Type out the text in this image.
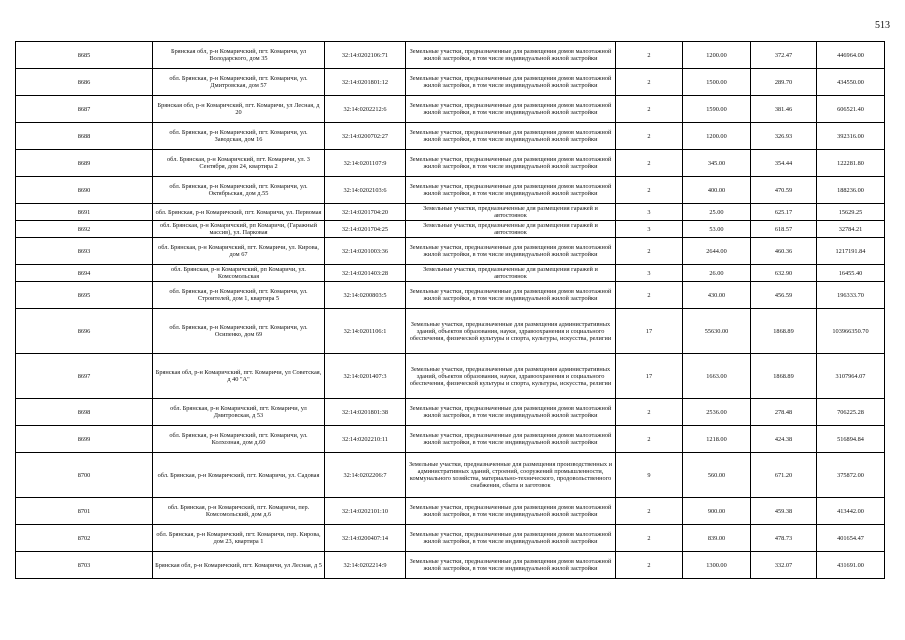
513
8685	Брянская обл, р-н Комаричский, пгт. Комаричи, ул Володарского, дом 35	32:14:0202106:71	Земельные участки, предназначенные для размещения домов малоэтажной жилой застройки, в том числе индивидуальной жилой застройки	2	1200.00	372.47	446964.00
8686	обл. Брянская, р-н Комаричский, пгт. Комаричи, ул. Дмитровская, дом 57	32:14:0201801:12	Земельные участки, предназначенные для размещения домов малоэтажной жилой застройки, в том числе индивидуальной жилой застройки	2	1500.00	289.70	434550.00
8687	Брянская обл, р-н Комаричский, пгт. Комаричи, ул Лесная, д 20	32:14:0202212:6	Земельные участки, предназначенные для размещения домов малоэтажной жилой застройки, в том числе индивидуальной жилой застройки	2	1590.00	381.46	606521.40
8688	обл. Брянская, р-н Комаричский, пгт. Комаричи, ул. Заводская, дом 16	32:14:0200702:27	Земельные участки, предназначенные для размещения домов малоэтажной жилой застройки, в том числе индивидуальной жилой застройки	2	1200.00	326.93	392316.00
8689	обл. Брянская, р-н Комаричский, пгт. Комаричи, ул. 3 Сентября, дом 24, квартира 2	32:14:0201107:9	Земельные участки, предназначенные для размещения домов малоэтажной жилой застройки, в том числе индивидуальной жилой застройки	2	345.00	354.44	122281.80
8690	обл. Брянская, р-н Комаричский, пгт. Комаричи, ул. Октябрьская, дом д.55	32:14:0202103:6	Земельные участки, предназначенные для размещения домов малоэтажной жилой застройки, в том числе индивидуальной жилой застройки	2	400.00	470.59	188236.00
8691	обл. Брянская, р-н Комаричский, пгт. Комаричи, ул. Первомая	32:14:0201704:20	Земельные участки, предназначенные для размещения гаражей и автостоянок	3	25.00	625.17	15629.25
8692	обл. Брянская, р-н Комаричский, рп Комаричи, (Гаражный массив), ул. Парковая	32:14:0201704:25	Земельные участки, предназначенные для размещения гаражей и автостоянок	3	53.00	618.57	32784.21
8693	обл. Брянская, р-н Комаричский, пгт. Комаричи, ул. Кирова, дом 67	32:14:0201003:36	Земельные участки, предназначенные для размещения домов малоэтажной жилой застройки, в том числе индивидуальной жилой застройки	2	2644.00	460.36	1217191.84
8694	обл. Брянская, р-н Комаричский, рп Комаричи, ул. Комсомольская	32:14:0201403:28	Земельные участки, предназначенные для размещения гаражей и автостоянок	3	26.00	632.90	16455.40
8695	обл. Брянская, р-н Комаричский, пгт. Комаричи, ул. Строителей, дом 1, квартира 5	32:14:0200803:5	Земельные участки, предназначенные для размещения домов малоэтажной жилой застройки, в том числе индивидуальной жилой застройки	2	430.00	456.59	196333.70
8696	обл. Брянская, р-н Комаричский, пгт. Комаричи, ул. Осипенко, дом 69	32:14:0201106:1	Земельные участки, предназначенные для размещения административных зданий, объектов образования, науки, здравоохранения и социального обеспечения, физической культуры и спорта, культуры, искусства, религии	17	55630.00	1868.89	103966350.70
8697	Брянская обл, р-н Комаричский, пгт. Комаричи, ул Советская, д 40 "А"	32:14:0201407:3	Земельные участки, предназначенные для размещения административных зданий, объектов образования, науки, здравоохранения и социального обеспечения, физической культуры и спорта, культуры, искусства, религии	17	1663.00	1868.89	3107964.07
8698	обл. Брянская, р-н Комаричский, пгт. Комаричи, ул Дмитровская, д 53	32:14:0201801:38	Земельные участки, предназначенные для размещения домов малоэтажной жилой застройки, в том числе индивидуальной жилой застройки	2	2536.00	278.48	706225.28
8699	обл. Брянская, р-н Комаричский, пгт. Комаричи, ул. Колхозная, дом д.60	32:14:0202210:11	Земельные участки, предназначенные для размещения домов малоэтажной жилой застройки, в том числе индивидуальной жилой застройки	2	1218.00	424.38	516894.84
8700	обл. Брянская, р-н Комаричский, пгт. Комаричи, ул. Садовая	32:14:0202206:7	Земельные участки, предназначенные для размещения производственных и административных зданий, строений, сооружений промышленности, коммунального хозяйства, материально-технического, продовольственного снабжения, сбыта и заготовок	9	560.00	671.20	375872.00
8701	обл. Брянская, р-н Комаричский, пгт. Комаричи, пер. Комсомольский, дом д.6	32:14:0202101:10	Земельные участки, предназначенные для размещения домов малоэтажной жилой застройки, в том числе индивидуальной жилой застройки	2	900.00	459.38	413442.00
8702	обл. Брянская, р-н Комаричский, пгт. Комаричи, пер. Кирова, дом 23, квартира 1	32:14:0200407:14	Земельные участки, предназначенные для размещения домов малоэтажной жилой застройки, в том числе индивидуальной жилой застройки	2	839.00	478.73	401654.47
8703	Брянская обл, р-н Комаричский, пгт. Комаричи, ул Лесная, д 5	32:14:0202214:9	Земельные участки, предназначенные для размещения домов малоэтажной жилой застройки, в том числе индивидуальной жилой застройки	2	1300.00	332.07	431691.00
